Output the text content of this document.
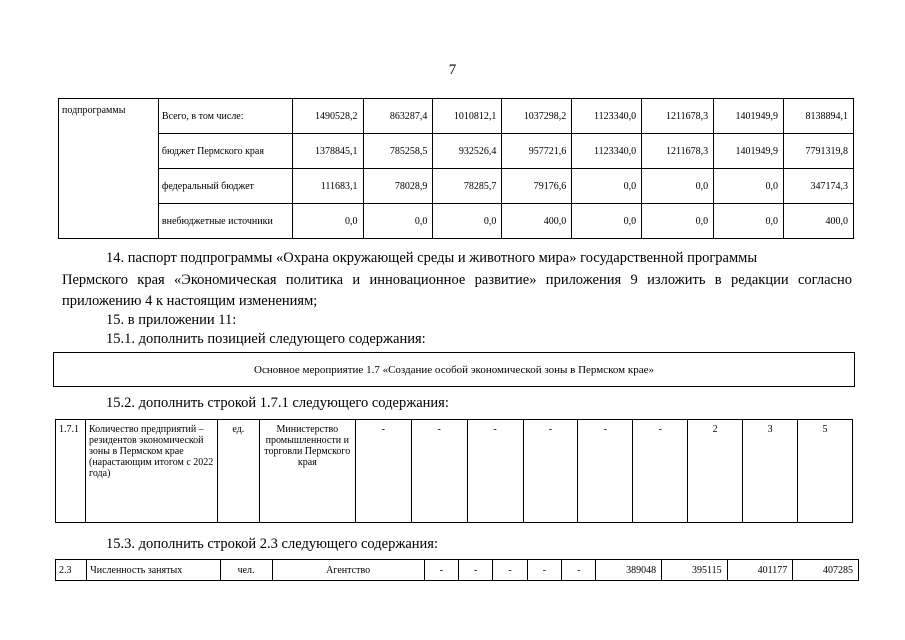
7
подпрограммы	Всего, в том числе:	1490528,2	863287,4	1010812,1	1037298,2	1123340,0	1211678,3	1401949,9	8138894,1
	бюджет Пермского края	1378845,1	785258,5	932526,4	957721,6	1123340,0	1211678,3	1401949,9	7791319,8
	федеральный бюджет	111683,1	78028,9	78285,7	79176,6	0,0	0,0	0,0	347174,3
	внебюджетные источники	0,0	0,0	0,0	400,0	0,0	0,0	0,0	400,0
14. паспорт подпрограммы «Охрана окружающей среды и животного мира» государственной программы
Пермского края «Экономическая политика и инновационное развитие» приложения 9 изложить в редакции согласно
приложению 4 к настоящим изменениям;
15. в приложении 11:
15.1. дополнить позицией следующего содержания:
Основное мероприятие 1.7 «Создание особой экономической зоны в Пермском крае»
15.2. дополнить строкой 1.7.1 следующего содержания:
1.7.1	Количество предприятий – резидентов экономической зоны в Пермском крае (нарастающим итогом с 2022 года)	ед.	Министерство промышленности и торговли Пермского края	-	-	-	-	-	-	2	3	5
15.3. дополнить строкой 2.3 следующего содержания:
2.3	Численность занятых	чел.	Агентство	-	-	-	-	-	389048	395115	401177	407285
